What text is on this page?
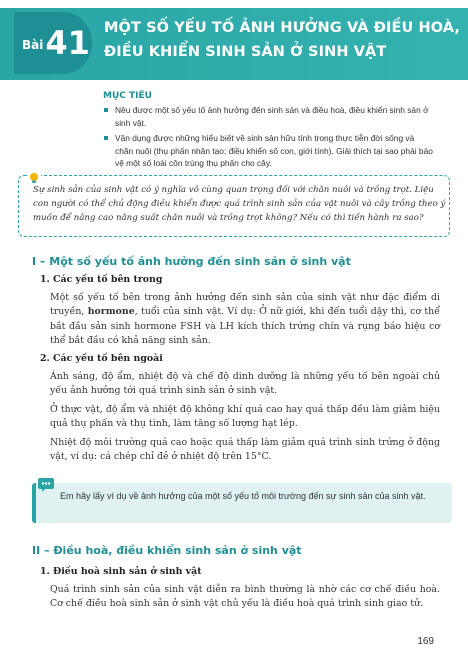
Bài 41 MỘT SỐ YẾU TỐ ẢNH HƯỞNG VÀ ĐIỀU HOÀ,
ĐIỀU KHIỂN SINH SẢN Ở SINH VẬT
MỤC TIÊU
Nêu được một số yếu tố ảnh hưởng đến sinh sản và điều hoà, điều khiển sinh sản ở sinh vật.
Vận dụng được những hiểu biết về sinh sản hữu tính trong thực tiễn đời sống và chăn nuôi (thụ phấn nhân tạo; điều khiển số con, giới tính). Giải thích tại sao phải bảo vệ một số loài côn trùng thụ phấn cho cây.
Sự sinh sản của sinh vật có ý nghĩa vô cùng quan trọng đối với chăn nuôi và trồng trọt. Liệu con người có thể chủ động điều khiển được quá trình sinh sản của vật nuôi và cây trồng theo ý muốn để nâng cao năng suất chăn nuôi và trồng trọt không? Nếu có thì tiến hành ra sao?
I – Một số yếu tố ảnh hưởng đến sinh sản ở sinh vật
1. Các yếu tố bên trong
Một số yếu tố bên trong ảnh hưởng đến sinh sản của sinh vật như đặc điểm di truyền, hormone, tuổi của sinh vật. Ví dụ: Ở nữ giới, khi đến tuổi dậy thì, cơ thể bắt đầu sản sinh hormone FSH và LH kích thích trứng chín và rụng báo hiệu cơ thể bắt đầu có khả năng sinh sản.
2. Các yếu tố bên ngoài
Ánh sáng, độ ẩm, nhiệt độ và chế độ dinh dưỡng là những yếu tố bên ngoài chủ yếu ảnh hưởng tới quá trình sinh sản ở sinh vật.
Ở thực vật, độ ẩm và nhiệt độ không khí quá cao hay quá thấp đều làm giảm hiệu quả thụ phấn và thụ tinh, làm tăng số lượng hạt lép.
Nhiệt độ môi trường quá cao hoặc quá thấp làm giảm quá trình sinh trứng ở động vật, ví dụ: cá chép chỉ đẻ ở nhiệt độ trên 15°C.
Em hãy lấy ví dụ về ảnh hưởng của một số yếu tố môi trường đến sự sinh sản của sinh vật.
II – Điều hoà, điều khiển sinh sản ở sinh vật
1. Điều hoà sinh sản ở sinh vật
Quá trình sinh sản của sinh vật diễn ra bình thường là nhờ các cơ chế điều hoà. Cơ chế điều hoà sinh sản ở sinh vật chủ yếu là điều hoà quá trình sinh giao tử.
169
